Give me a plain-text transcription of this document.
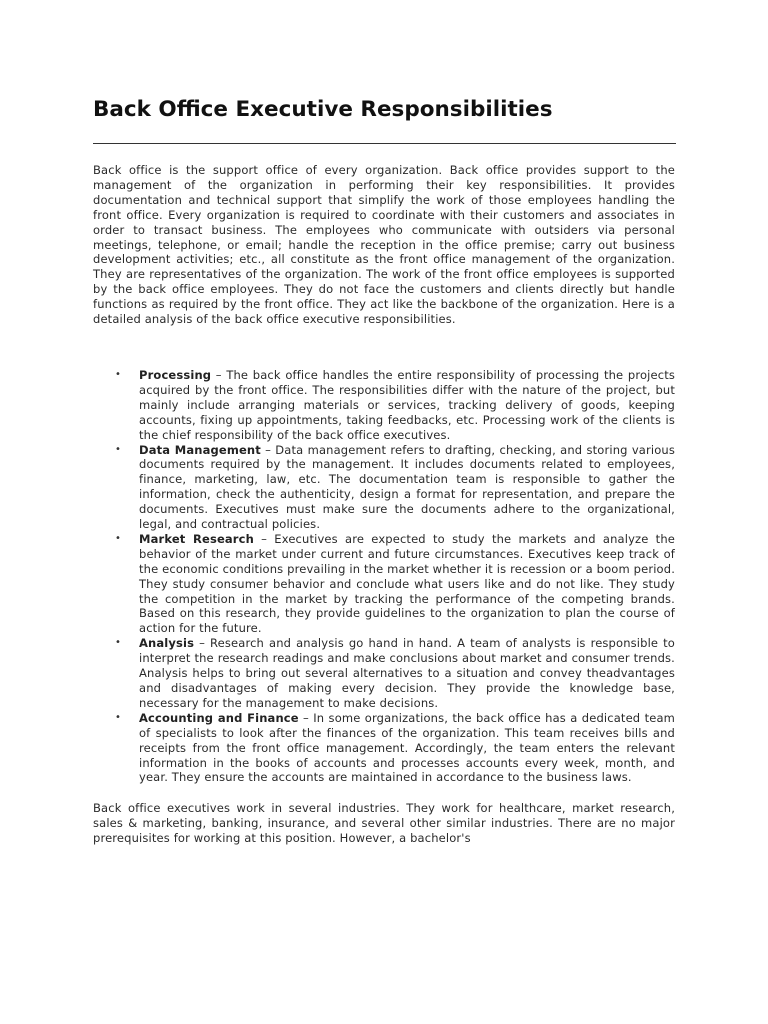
Back Office Executive Responsibilities

Back office is the support office of every organization. Back office provides support to the management of the organization in performing their key responsibilities. It provides documentation and technical support that simplify the work of those employees handling the front office. Every organization is required to coordinate with their customers and associates in order to transact business. The employees who communicate with outsiders via personal meetings, telephone, or email; handle the reception in the office premise; carry out business development activities; etc., all constitute as the front office management of the organization. They are representatives of the organization. The work of the front office employees is supported by the back office employees. They do not face the customers and clients directly but handle functions as required by the front office. They act like the backbone of the organization. Here is a detailed analysis of the back office executive responsibilities.

• Processing – The back office handles the entire responsibility of processing the projects acquired by the front office. The responsibilities differ with the nature of the project, but mainly include arranging materials or services, tracking delivery of goods, keeping accounts, fixing up appointments, taking feedbacks, etc. Processing work of the clients is the chief responsibility of the back office executives.
• Data Management – Data management refers to drafting, checking, and storing various documents required by the management. It includes documents related to employees, finance, marketing, law, etc. The documentation team is responsible to gather the information, check the authenticity, design a format for representation, and prepare the documents. Executives must make sure the documents adhere to the organizational, legal, and contractual policies.
• Market Research – Executives are expected to study the markets and analyze the behavior of the market under current and future circumstances. Executives keep track of the economic conditions prevailing in the market whether it is recession or a boom period. They study consumer behavior and conclude what users like and do not like. They study the competition in the market by tracking the performance of the competing brands. Based on this research, they provide guidelines to the organization to plan the course of action for the future.
• Analysis – Research and analysis go hand in hand. A team of analysts is responsible to interpret the research readings and make conclusions about market and consumer trends. Analysis helps to bring out several alternatives to a situation and convey theadvantages and disadvantages of making every decision. They provide the knowledge base, necessary for the management to make decisions.
• Accounting and Finance – In some organizations, the back office has a dedicated team of specialists to look after the finances of the organization. This team receives bills and receipts from the front office management. Accordingly, the team enters the relevant information in the books of accounts and processes accounts every week, month, and year. They ensure the accounts are maintained in accordance to the business laws.

Back office executives work in several industries. They work for healthcare, market research, sales & marketing, banking, insurance, and several other similar industries. There are no major prerequisites for working at this position. However, a bachelor's
